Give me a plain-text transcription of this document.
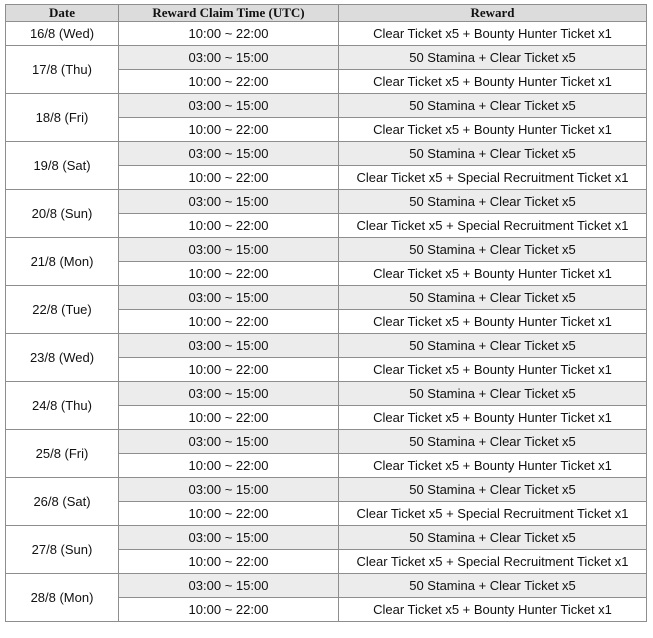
Date	Reward Claim Time (UTC)	Reward
16/8 (Wed)	10:00 ~ 22:00	Clear Ticket x5 + Bounty Hunter Ticket x1
17/8 (Thu)	03:00 ~ 15:00	50 Stamina + Clear Ticket x5
	10:00 ~ 22:00	Clear Ticket x5 + Bounty Hunter Ticket x1
18/8 (Fri)	03:00 ~ 15:00	50 Stamina + Clear Ticket x5
	10:00 ~ 22:00	Clear Ticket x5 + Bounty Hunter Ticket x1
19/8 (Sat)	03:00 ~ 15:00	50 Stamina + Clear Ticket x5
	10:00 ~ 22:00	Clear Ticket x5 + Special Recruitment Ticket x1
20/8 (Sun)	03:00 ~ 15:00	50 Stamina + Clear Ticket x5
	10:00 ~ 22:00	Clear Ticket x5 + Special Recruitment Ticket x1
21/8 (Mon)	03:00 ~ 15:00	50 Stamina + Clear Ticket x5
	10:00 ~ 22:00	Clear Ticket x5 + Bounty Hunter Ticket x1
22/8 (Tue)	03:00 ~ 15:00	50 Stamina + Clear Ticket x5
	10:00 ~ 22:00	Clear Ticket x5 + Bounty Hunter Ticket x1
23/8 (Wed)	03:00 ~ 15:00	50 Stamina + Clear Ticket x5
	10:00 ~ 22:00	Clear Ticket x5 + Bounty Hunter Ticket x1
24/8 (Thu)	03:00 ~ 15:00	50 Stamina + Clear Ticket x5
	10:00 ~ 22:00	Clear Ticket x5 + Bounty Hunter Ticket x1
25/8 (Fri)	03:00 ~ 15:00	50 Stamina + Clear Ticket x5
	10:00 ~ 22:00	Clear Ticket x5 + Bounty Hunter Ticket x1
26/8 (Sat)	03:00 ~ 15:00	50 Stamina + Clear Ticket x5
	10:00 ~ 22:00	Clear Ticket x5 + Special Recruitment Ticket x1
27/8 (Sun)	03:00 ~ 15:00	50 Stamina + Clear Ticket x5
	10:00 ~ 22:00	Clear Ticket x5 + Special Recruitment Ticket x1
28/8 (Mon)	03:00 ~ 15:00	50 Stamina + Clear Ticket x5
	10:00 ~ 22:00	Clear Ticket x5 + Bounty Hunter Ticket x1
